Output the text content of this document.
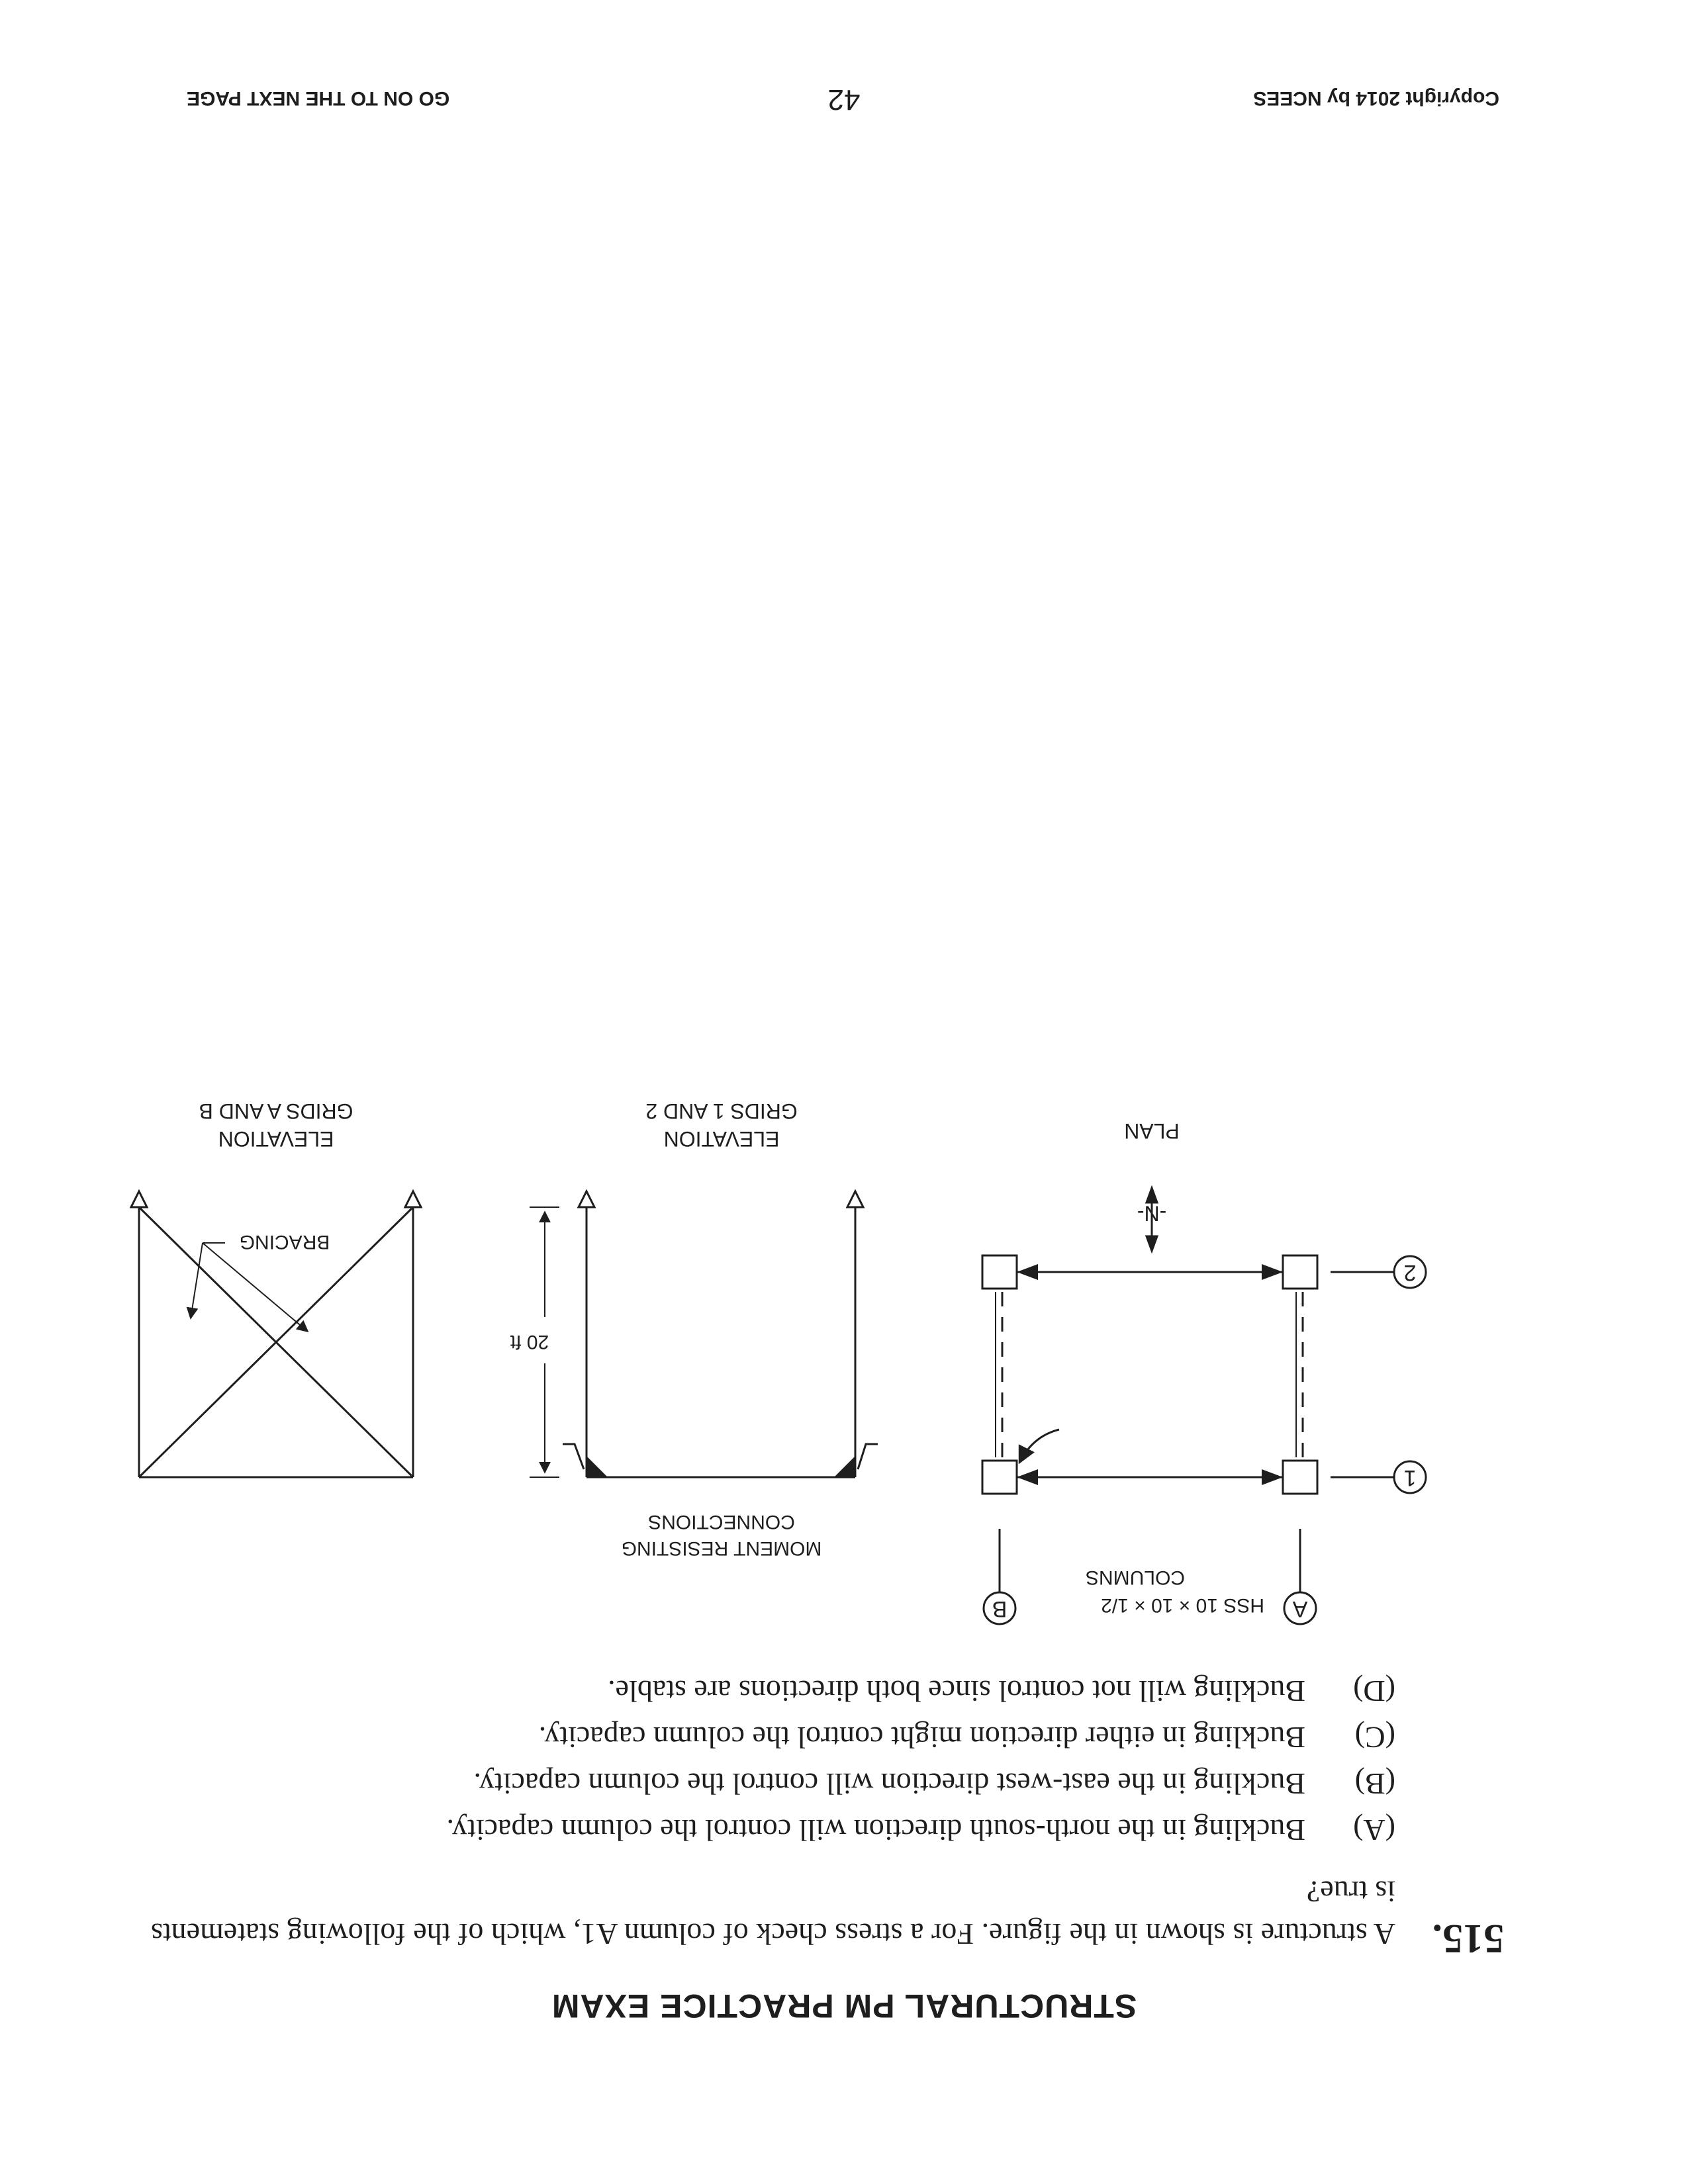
STRUCTURAL PM PRACTICE EXAM
515.
A structure is shown in the figure. For a stress check of column A1, which of the following statements is true?
(A)Buckling in the north-south direction will control the column capacity.
(B)Buckling in the east-west direction will control the column capacity.
(C)Buckling in either direction might control the column capacity.
(D)Buckling will not control since both directions are stable.
-N-
A
B
1
2
HSS 10 × 10 × 1/2
COLUMNS
PLAN
MOMENT RESISTING
CONNECTIONS
20 ft
ELEVATION
GRIDS 1 AND 2
BRACING
ELEVATION
GRIDS A AND B
Copyright 2014 by NCEES
42
GO ON TO THE NEXT PAGE
